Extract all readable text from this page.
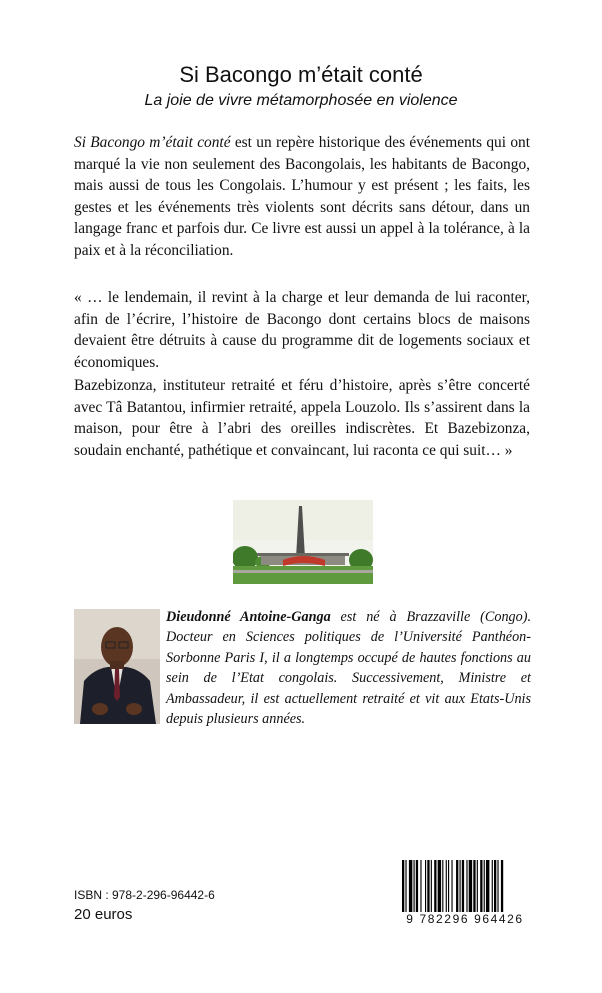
Si Bacongo m’était conté
La joie de vivre métamorphosée en violence
Si Bacongo m’était conté est un repère historique des événements qui ont marqué la vie non seulement des Bacongolais, les habitants de Bacongo, mais aussi de tous les Congolais. L’humour y est présent ; les faits, les gestes et les événements très violents sont décrits sans détour, dans un langage franc et parfois dur. Ce livre est aussi un appel à la tolérance, à la paix et à la réconciliation.
« … le lendemain, il revint à la charge et leur demanda de lui raconter, afin de l’écrire, l’histoire de Bacongo dont certains blocs de maisons devaient être détruits à cause du programme dit de logements sociaux et économiques.
Bazebizonza, instituteur retraité et féru d’histoire, après s’être concerté avec Tâ Batantou, infirmier retraité, appela Louzolo. Ils s’assirent dans la maison, pour être à l’abri des oreilles indiscrètes. Et Bazebizonza, soudain enchanté, pathétique et convaincant, lui raconta ce qui suit… »
Dieudonné Antoine-Ganga est né à Brazzaville (Congo). Docteur en Sciences politiques de l’Université Panthéon-Sorbonne Paris I, il a longtemps occupé de hautes fonctions au sein de l’Etat congolais. Successivement, Ministre et Ambassadeur, il est actuellement retraité et vit aux Etats-Unis depuis plusieurs années.
ISBN : 978-2-296-96442-6
20 euros	9 782296 964426
